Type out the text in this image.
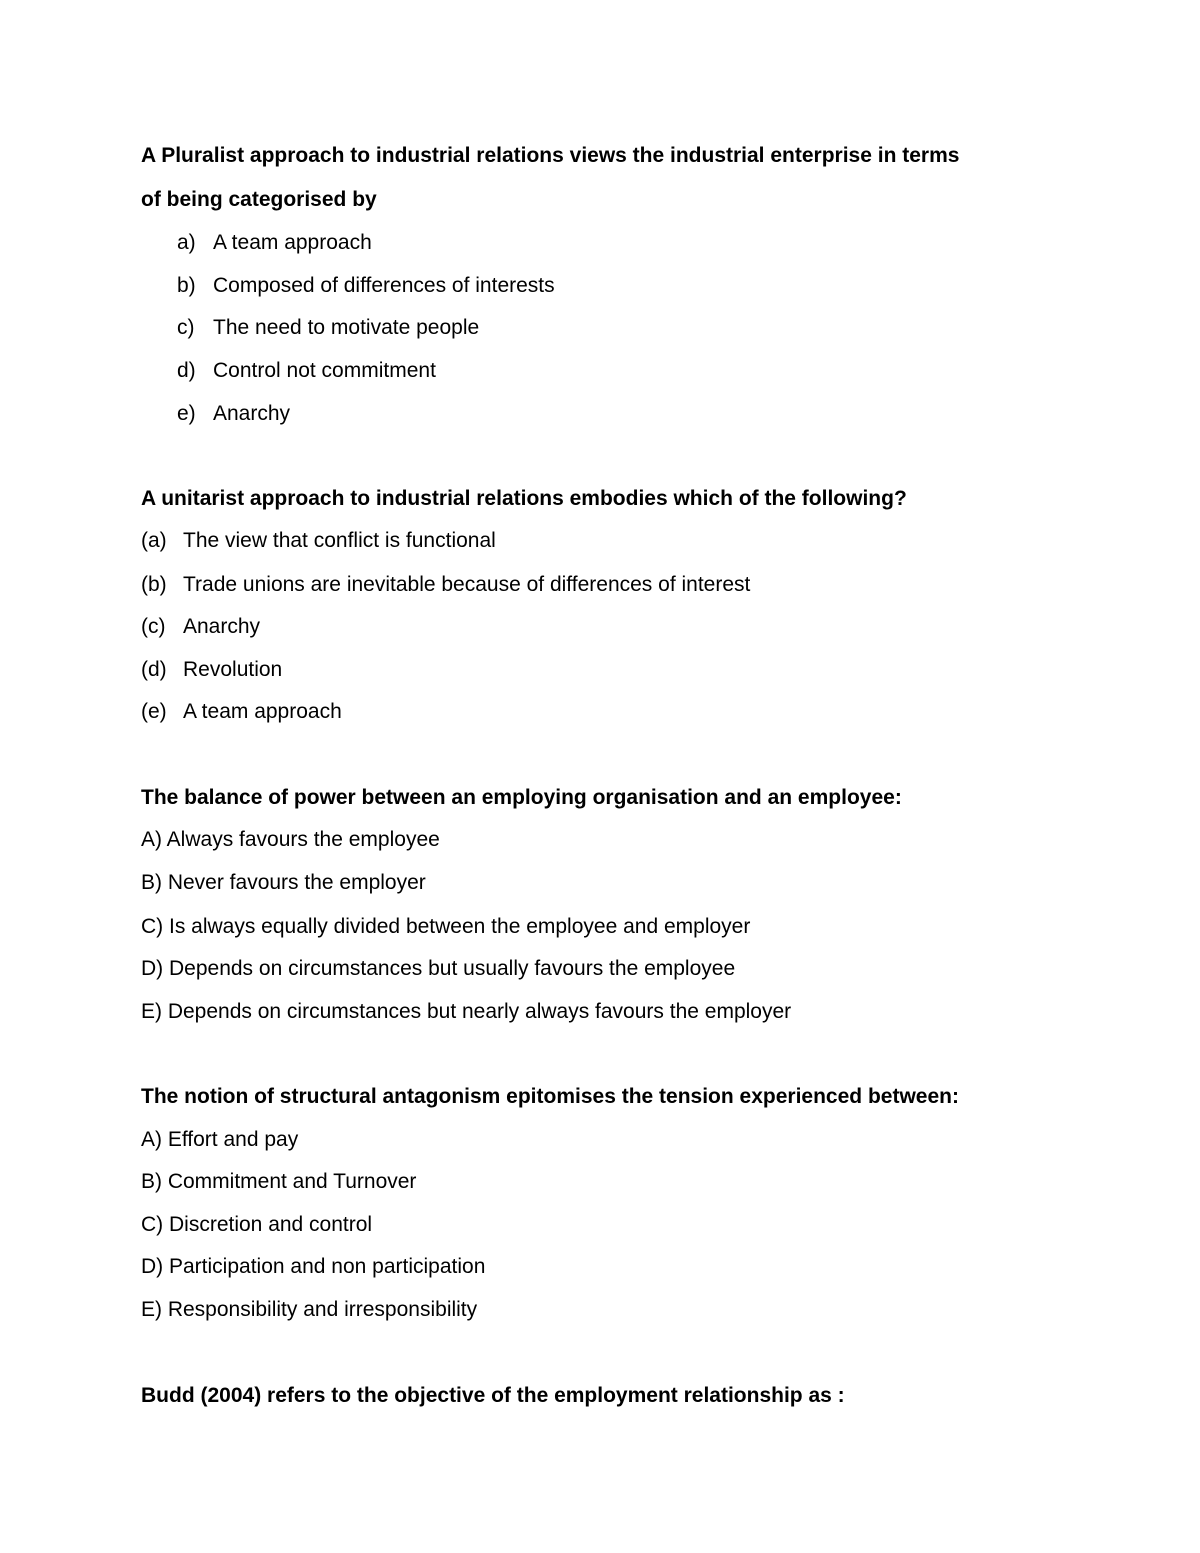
A Pluralist approach to industrial relations views the industrial enterprise in terms
of being categorised by
a) A team approach
b) Composed of differences of interests
c) The need to motivate people
d) Control not commitment
e) Anarchy
A unitarist approach to industrial relations embodies which of the following?
(a) The view that conflict is functional
(b) Trade unions are inevitable because of differences of interest
(c) Anarchy
(d) Revolution
(e) A team approach
The balance of power between an employing organisation and an employee:
A) Always favours the employee
B) Never favours the employer
C) Is always equally divided between the employee and employer
D) Depends on circumstances but usually favours the employee
E) Depends on circumstances but nearly always favours the employer
The notion of structural antagonism epitomises the tension experienced between:
A) Effort and pay
B) Commitment and Turnover
C) Discretion and control
D) Participation and non participation
E) Responsibility and irresponsibility
Budd (2004) refers to the objective of the employment relationship as :
